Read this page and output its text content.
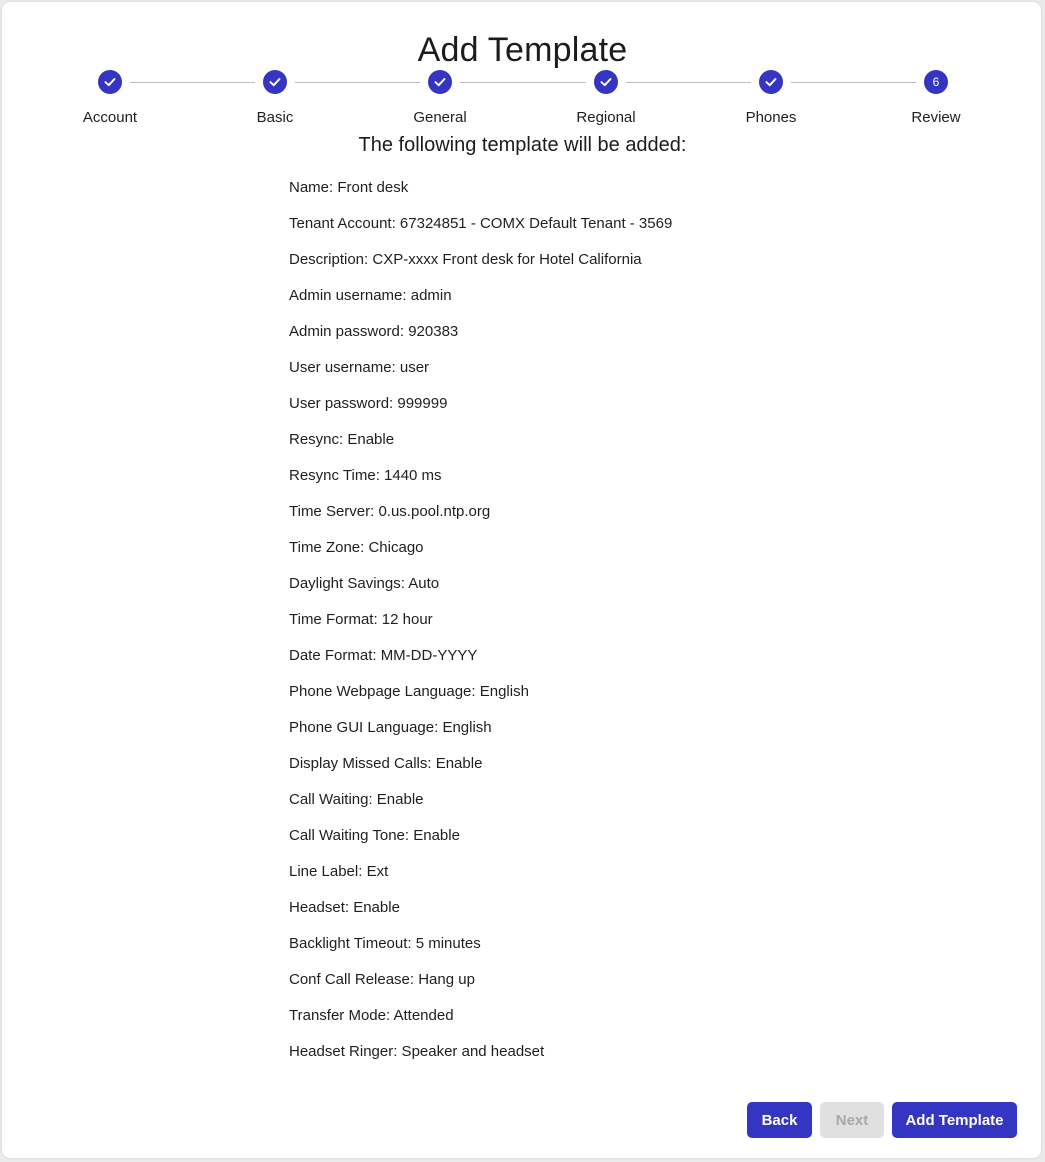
Add Template
Account	Basic	General	Regional	Phones
6
Review
The following template will be added:
Name: Front desk
Tenant Account: 67324851 - COMX Default Tenant - 3569
Description: CXP-xxxx Front desk for Hotel California
Admin username: admin
Admin password: 920383
User username: user
User password: 999999
Resync: Enable
Resync Time: 1440 ms
Time Server: 0.us.pool.ntp.org
Time Zone: Chicago
Daylight Savings: Auto
Time Format: 12 hour
Date Format: MM-DD-YYYY
Phone Webpage Language: English
Phone GUI Language: English
Display Missed Calls: Enable
Call Waiting: Enable
Call Waiting Tone: Enable
Line Label: Ext
Headset: Enable
Backlight Timeout: 5 minutes
Conf Call Release: Hang up
Transfer Mode: Attended
Headset Ringer: Speaker and headset
Back	Next	Add Template
